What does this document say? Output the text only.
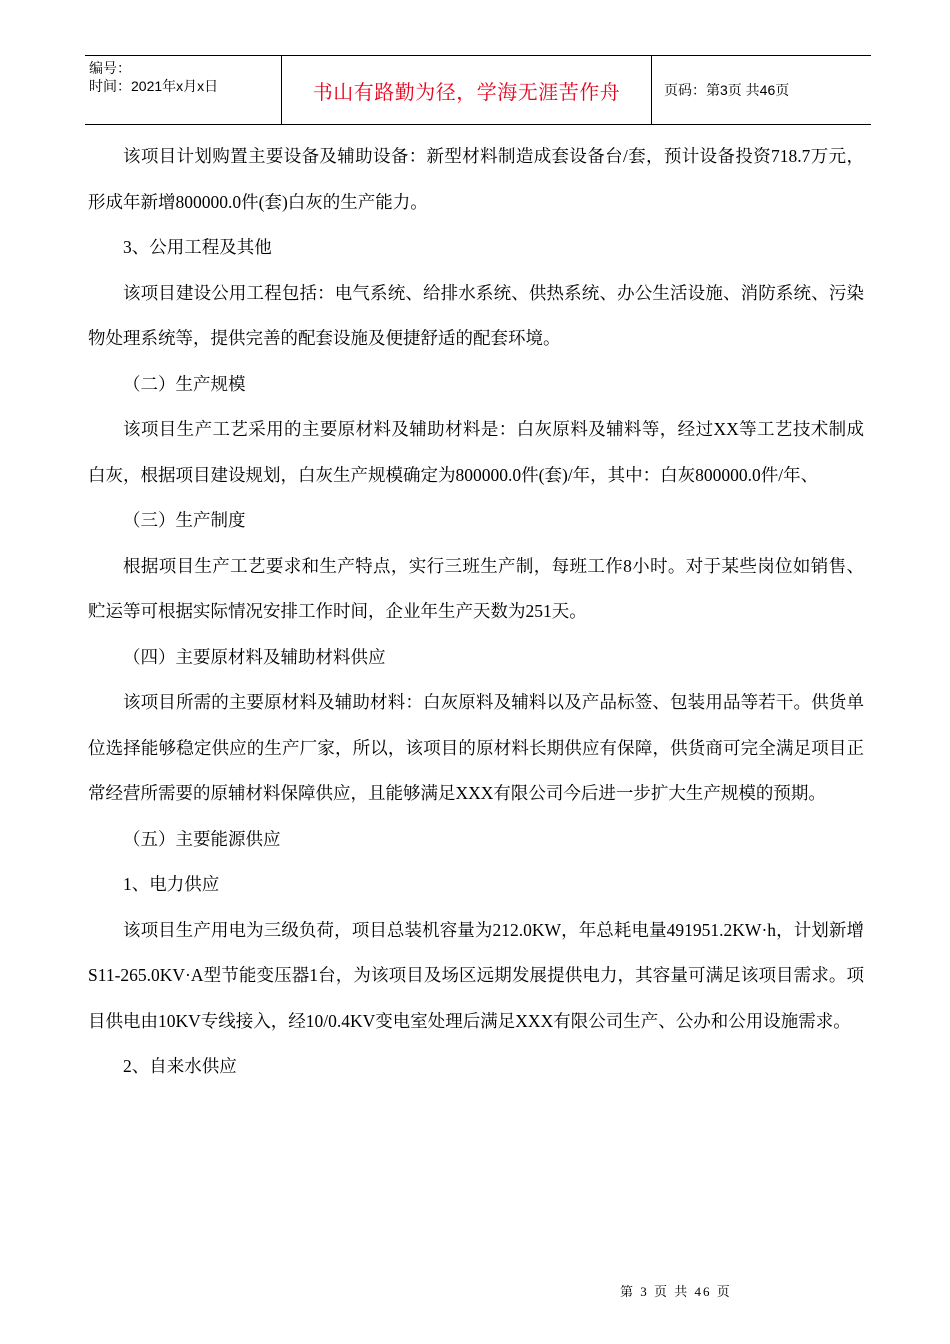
编号：
时间：2021年x月x日	书山有路勤为径，学海无涯苦作舟	页码：第3页 共46页

该项目计划购置主要设备及辅助设备：新型材料制造成套设备台/套，预计设备投资718.7万元，形成年新增800000.0件(套)白灰的生产能力。

3、公用工程及其他

该项目建设公用工程包括：电气系统、给排水系统、供热系统、办公生活设施、消防系统、污染物处理系统等，提供完善的配套设施及便捷舒适的配套环境。

（二）生产规模

该项目生产工艺采用的主要原材料及辅助材料是：白灰原料及辅料等，经过XX等工艺技术制成白灰，根据项目建设规划，白灰生产规模确定为800000.0件(套)/年，其中：白灰800000.0件/年、

（三）生产制度

根据项目生产工艺要求和生产特点，实行三班生产制，每班工作8小时。对于某些岗位如销售、贮运等可根据实际情况安排工作时间，企业年生产天数为251天。

（四）主要原材料及辅助材料供应

该项目所需的主要原材料及辅助材料：白灰原料及辅料以及产品标签、包装用品等若干。供货单位选择能够稳定供应的生产厂家，所以，该项目的原材料长期供应有保障，供货商可完全满足项目正常经营所需要的原辅材料保障供应，且能够满足XXX有限公司今后进一步扩大生产规模的预期。

（五）主要能源供应

1、电力供应

该项目生产用电为三级负荷，项目总装机容量为212.0KW，年总耗电量491951.2KW·h，计划新增S11-265.0KV·A型节能变压器1台，为该项目及场区远期发展提供电力，其容量可满足该项目需求。项目供电由10KV专线接入，经10/0.4KV变电室处理后满足XXX有限公司生产、公办和公用设施需求。

2、自来水供应

第 3 页 共 46 页
